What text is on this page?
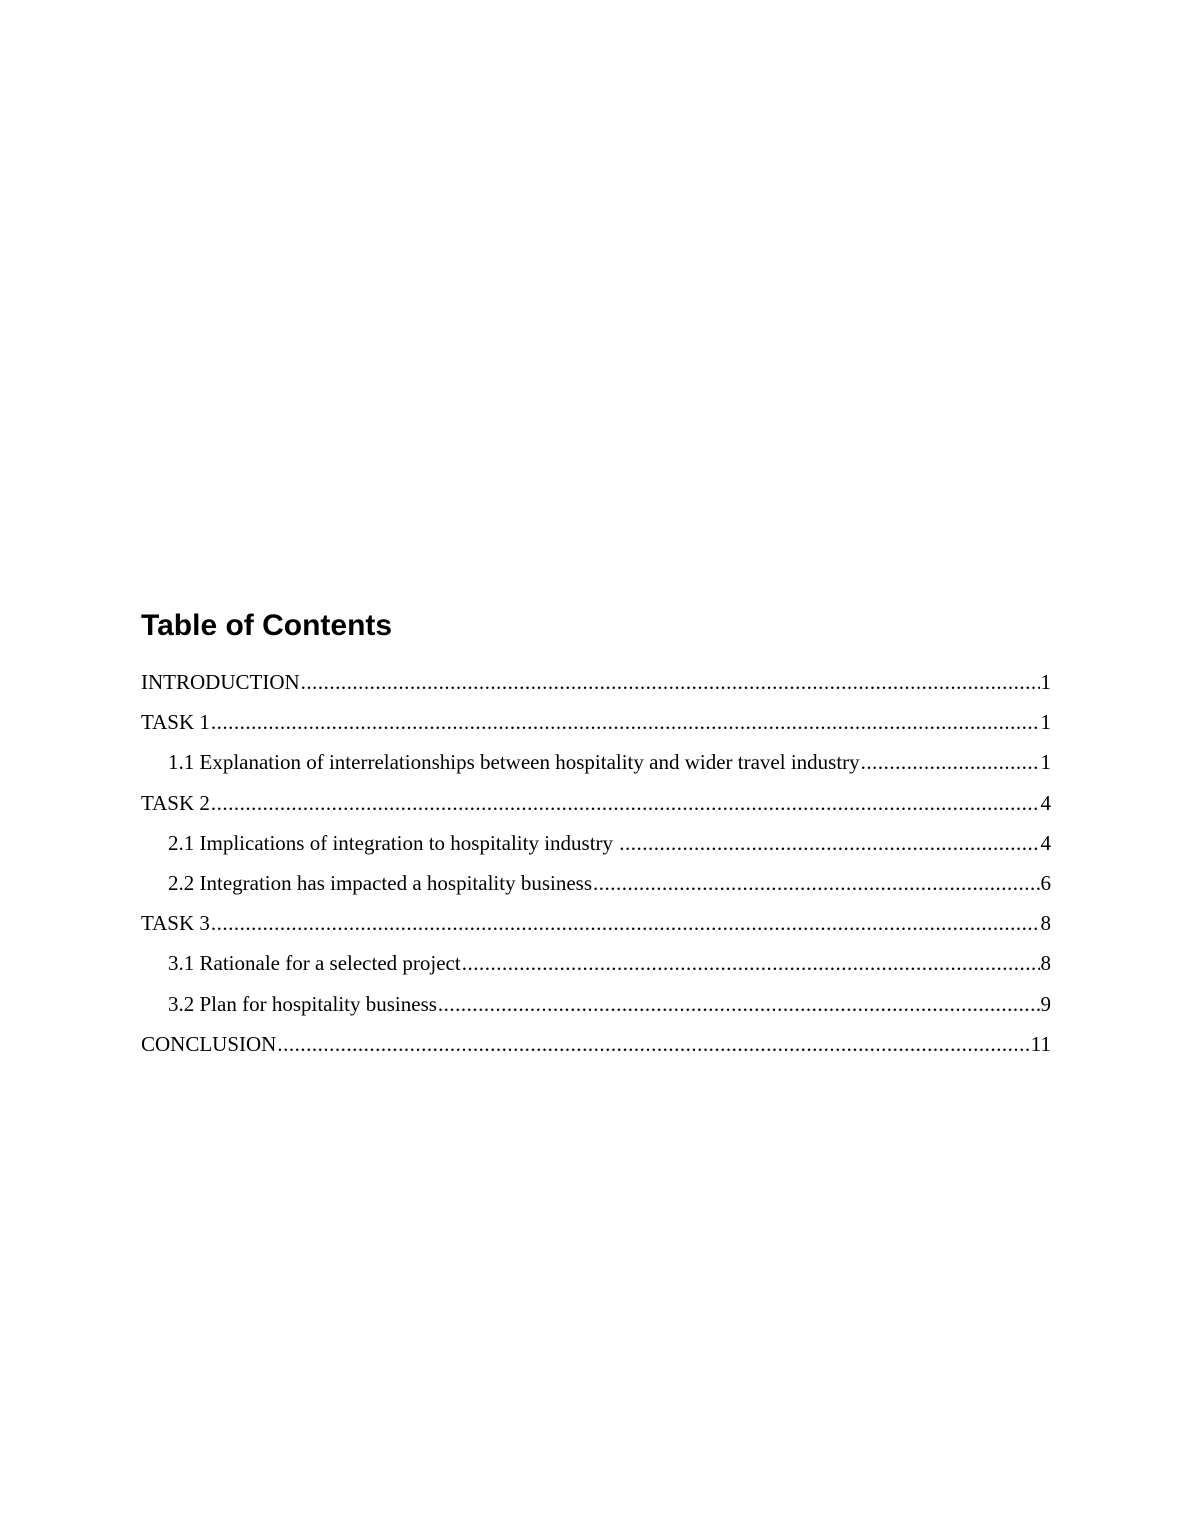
Table of Contents
INTRODUCTION .....	1
TASK 1 .....	1
1.1 Explanation of interrelationships between hospitality and wider travel industry .....	1
TASK 2 .....	4
2.1 Implications of integration to hospitality industry .....	4
2.2 Integration has impacted a hospitality business .....	6
TASK 3 .....	8
3.1 Rationale for a selected project .....	8
3.2 Plan for hospitality business .....	9
CONCLUSION .....	11
